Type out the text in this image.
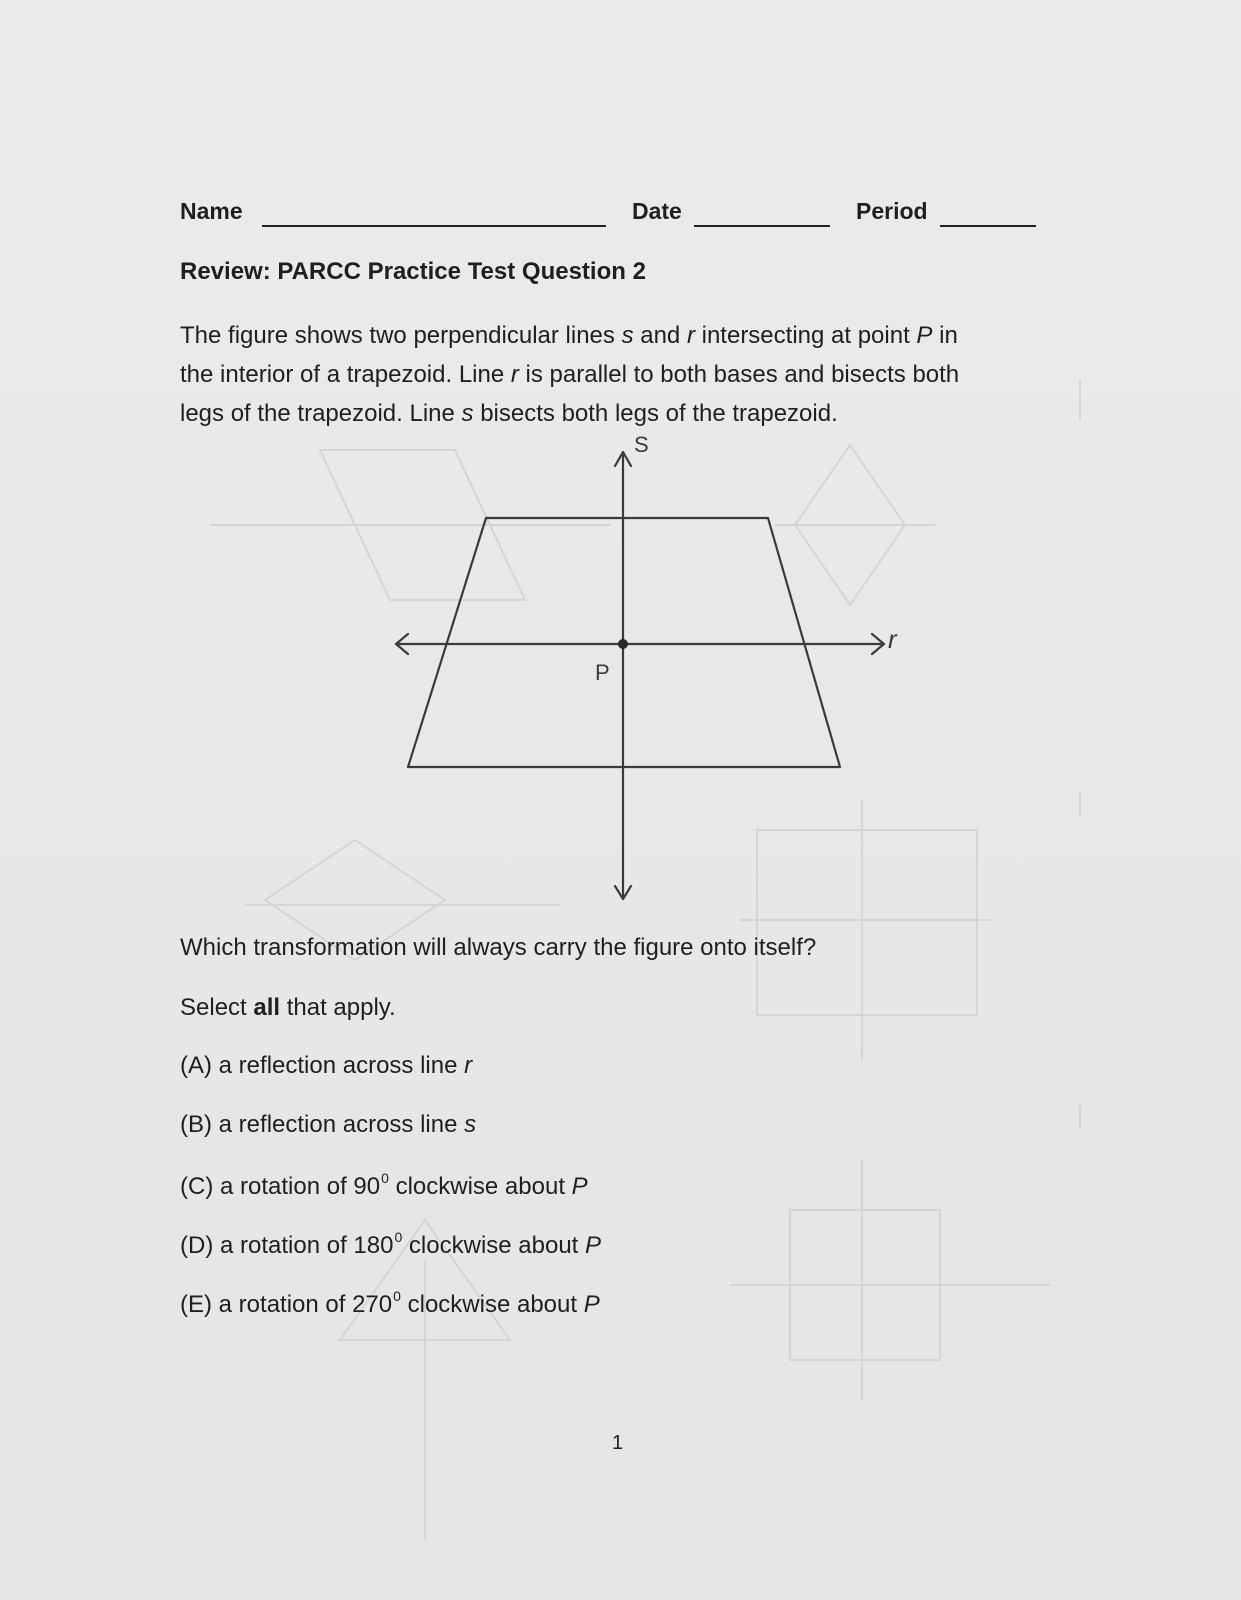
Name	Date	Period
Review: PARCC Practice Test Question 2
The figure shows two perpendicular lines s and r intersecting at point P in
the interior of a trapezoid. Line r is parallel to both bases and bisects both
legs of the trapezoid. Line s bisects both legs of the trapezoid.
S
r
P
Which transformation will always carry the figure onto itself?
Select all that apply.
(A) a reflection across line r
(B) a reflection across line s
(C) a rotation of $90^0$ clockwise about P
(D) a rotation of $180^0$ clockwise about P
(E) a rotation of $270^0$ clockwise about P
1
